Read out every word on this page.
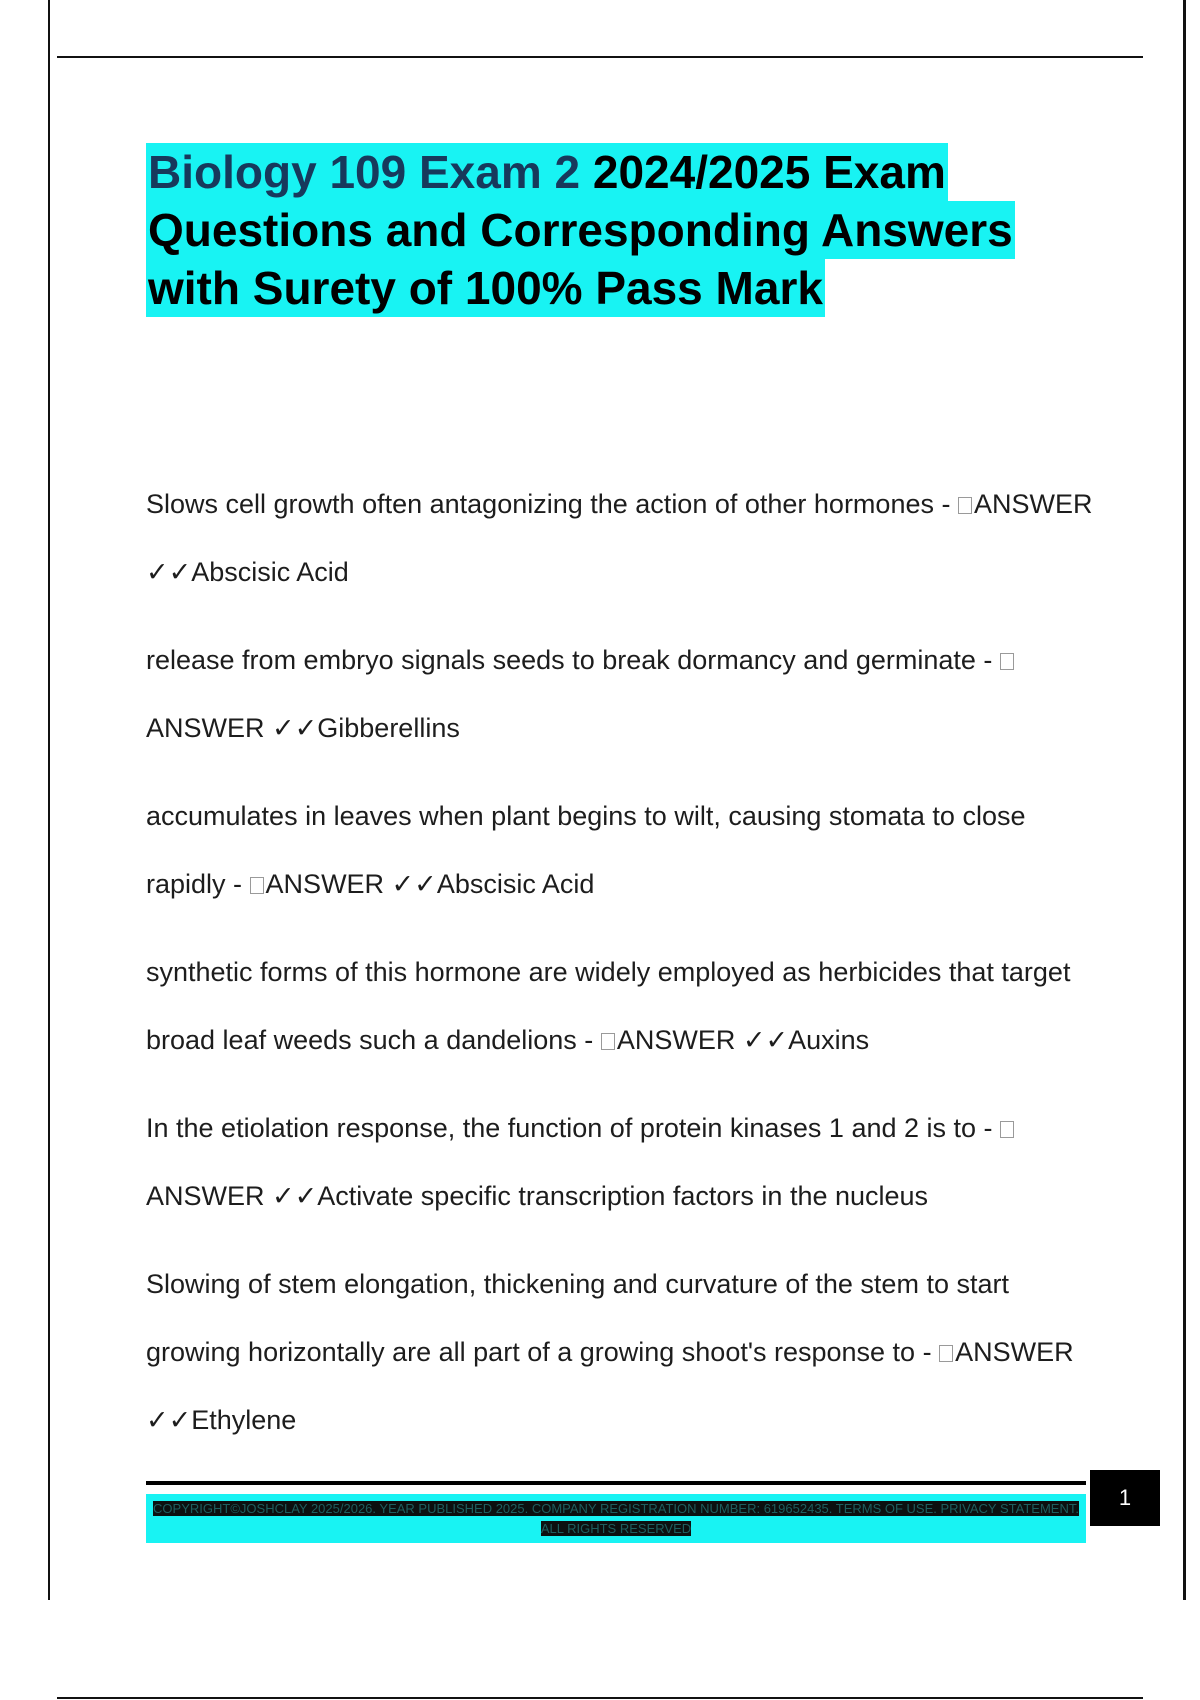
Biology 109 Exam 2 2024/2025 Exam
Questions and Corresponding Answers
with Surety of 100% Pass Mark

Slows cell growth often antagonizing the action of other hormones - ANSWER ✓✓Abscisic Acid

release from embryo signals seeds to break dormancy and germinate - ANSWER ✓✓Gibberellins

accumulates in leaves when plant begins to wilt, causing stomata to close rapidly - ANSWER ✓✓Abscisic Acid

synthetic forms of this hormone are widely employed as herbicides that target broad leaf weeds such a dandelions - ANSWER ✓✓Auxins

In the etiolation response, the function of protein kinases 1 and 2 is to - ANSWER ✓✓Activate specific transcription factors in the nucleus

Slowing of stem elongation, thickening and curvature of the stem to start growing horizontally are all part of a growing shoot's response to - ANSWER ✓✓Ethylene

COPYRIGHT©JOSHCLAY 2025/2026. YEAR PUBLISHED 2025. COMPANY REGISTRATION NUMBER: 619652435. TERMS OF USE. PRIVACY STATEMENT. ALL RIGHTS RESERVED
1
